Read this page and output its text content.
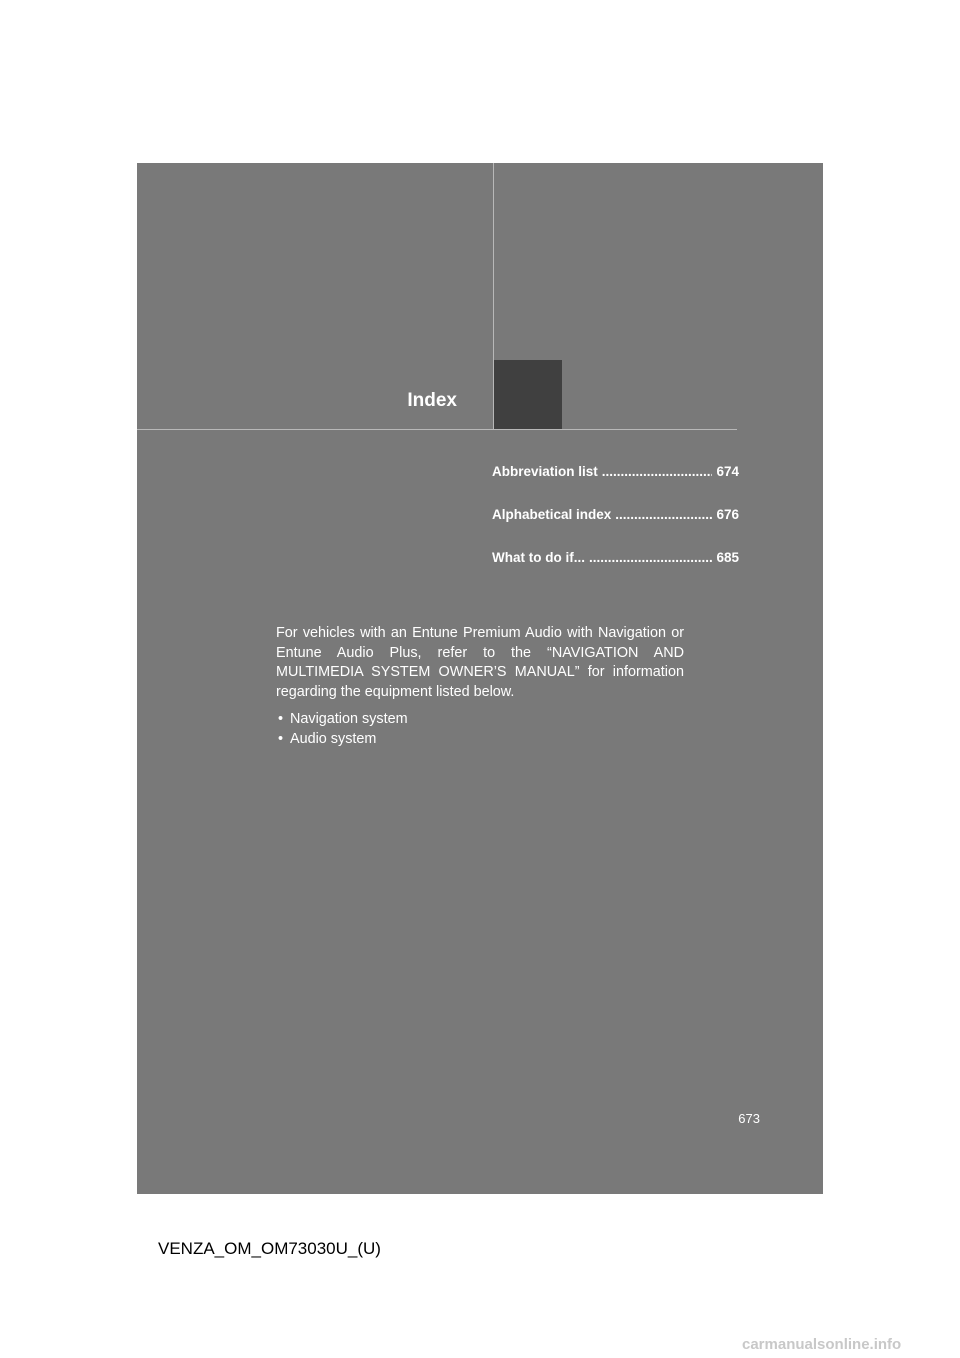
Index
Abbreviation list .....	674
Alphabetical index .....	676
What to do if... .....	685

For vehicles with an Entune Premium Audio with Navigation or Entune Audio Plus, refer to the “NAVIGATION AND MULTIMEDIA SYSTEM OWNER’S MANUAL” for information regarding the equipment listed below.

• Navigation system
• Audio system
673
VENZA_OM_OM73030U_(U)
carmanualsonline.info
